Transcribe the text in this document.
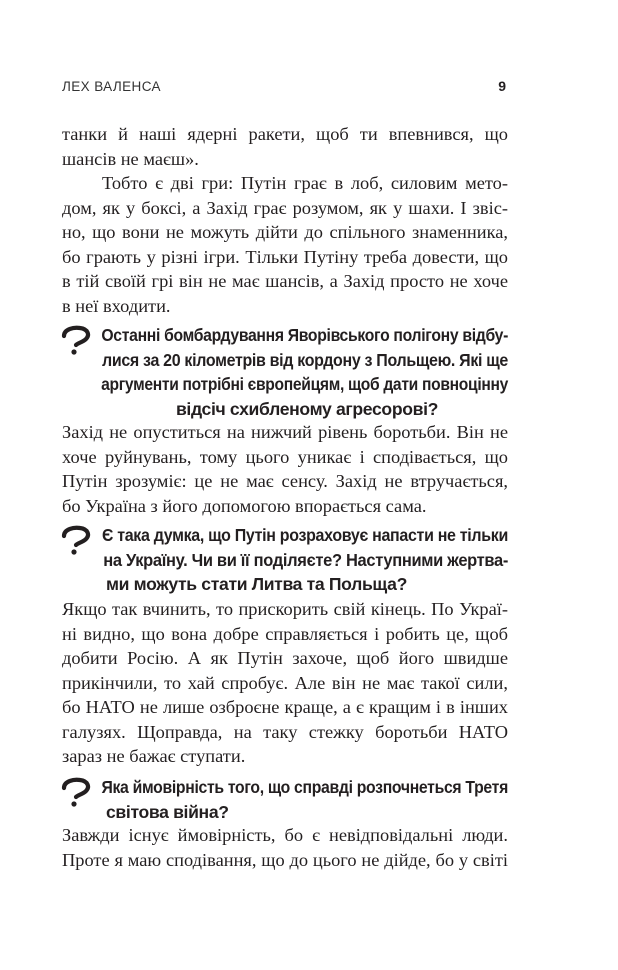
ЛЕХ ВАЛЕНСА	9
танки й наші ядерні ракети, щоб ти впевнився, що
шансів не маєш».
Тобто є дві гри: Путін грає в лоб, силовим мето-
дом, як у боксі, а Захід грає розумом, як у шахи. І звіс-
но, що вони не можуть дійти до спільного знаменника,
бо грають у різні ігри. Тільки Путіну треба довести, що
в тій своїй грі він не має шансів, а Захід просто не хоче
в неї входити.
Останні бомбардування Яворівського полігону відбу-
лися за 20 кілометрів від кордону з Польщею. Які ще
аргументи потрібні європейцям, щоб дати повноцінну
відсіч схибленому агресорові?
Захід не опуститься на нижчий рівень боротьби. Він не
хоче руйнувань, тому цього уникає і сподівається, що
Путін зрозуміє: це не має сенсу. Захід не втручається,
бо Україна з його допомогою впорається сама.
Є така думка, що Путін розраховує напасти не тільки
на Україну. Чи ви її поділяєте? Наступними жертва-
ми можуть стати Литва та Польща?
Якщо так вчинить, то прискорить свій кінець. По Украї-
ні видно, що вона добре справляється і робить це, щоб
добити Росію. А як Путін захоче, щоб його швидше
прикінчили, то хай спробує. Але він не має такої сили,
бо НАТО не лише озброєне краще, а є кращим і в інших
галузях. Щоправда, на таку стежку боротьби НАТО
зараз не бажає ступати.
Яка ймовірність того, що справді розпочнеться Третя
світова війна?
Завжди існує ймовірність, бо є невідповідальні люди.
Проте я маю сподівання, що до цього не дійде, бо у світі
